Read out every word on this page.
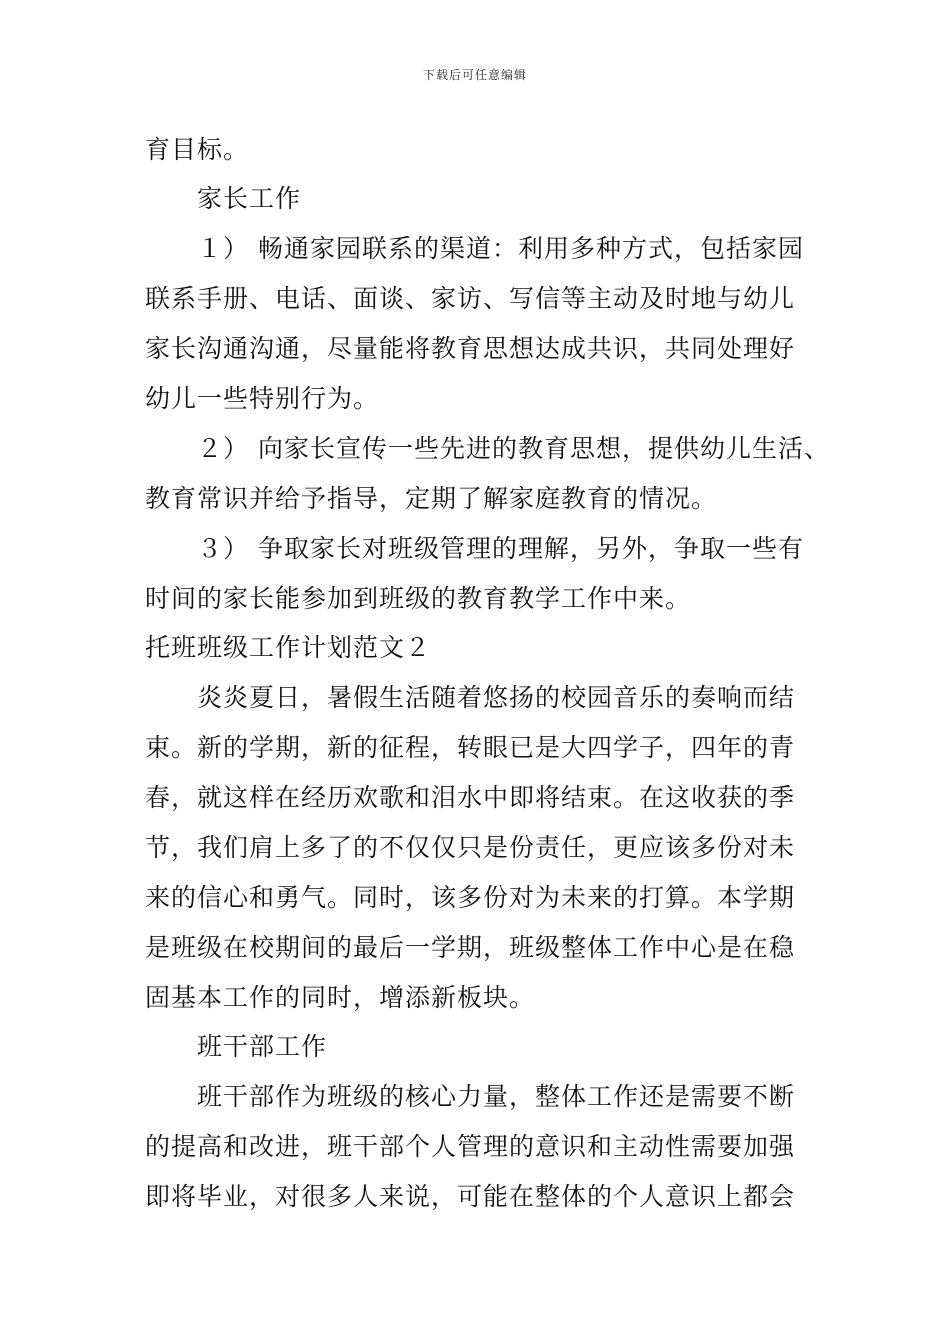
下载后可任意编辑
育目标。
家长工作
１） 畅通家园联系的渠道：利用多种方式，包括家园
联系手册、电话、面谈、家访、写信等主动及时地与幼儿
家长沟通沟通，尽量能将教育思想达成共识，共同处理好
幼儿一些特别行为。
２） 向家长宣传一些先进的教育思想，提供幼儿生活、
教育常识并给予指导，定期了解家庭教育的情况。
３） 争取家长对班级管理的理解，另外，争取一些有
时间的家长能参加到班级的教育教学工作中来。
托班班级工作计划范文２
炎炎夏日，暑假生活随着悠扬的校园音乐的奏响而结
束。新的学期，新的征程，转眼已是大四学子，四年的青
春，就这样在经历欢歌和泪水中即将结束。在这收获的季
节，我们肩上多了的不仅仅只是份责任，更应该多份对未
来的信心和勇气。同时，该多份对为未来的打算。本学期
是班级在校期间的最后一学期，班级整体工作中心是在稳
固基本工作的同时，增添新板块。
班干部工作
班干部作为班级的核心力量，整体工作还是需要不断
的提高和改进，班干部个人管理的意识和主动性需要加强
即将毕业，对很多人来说，可能在整体的个人意识上都会
